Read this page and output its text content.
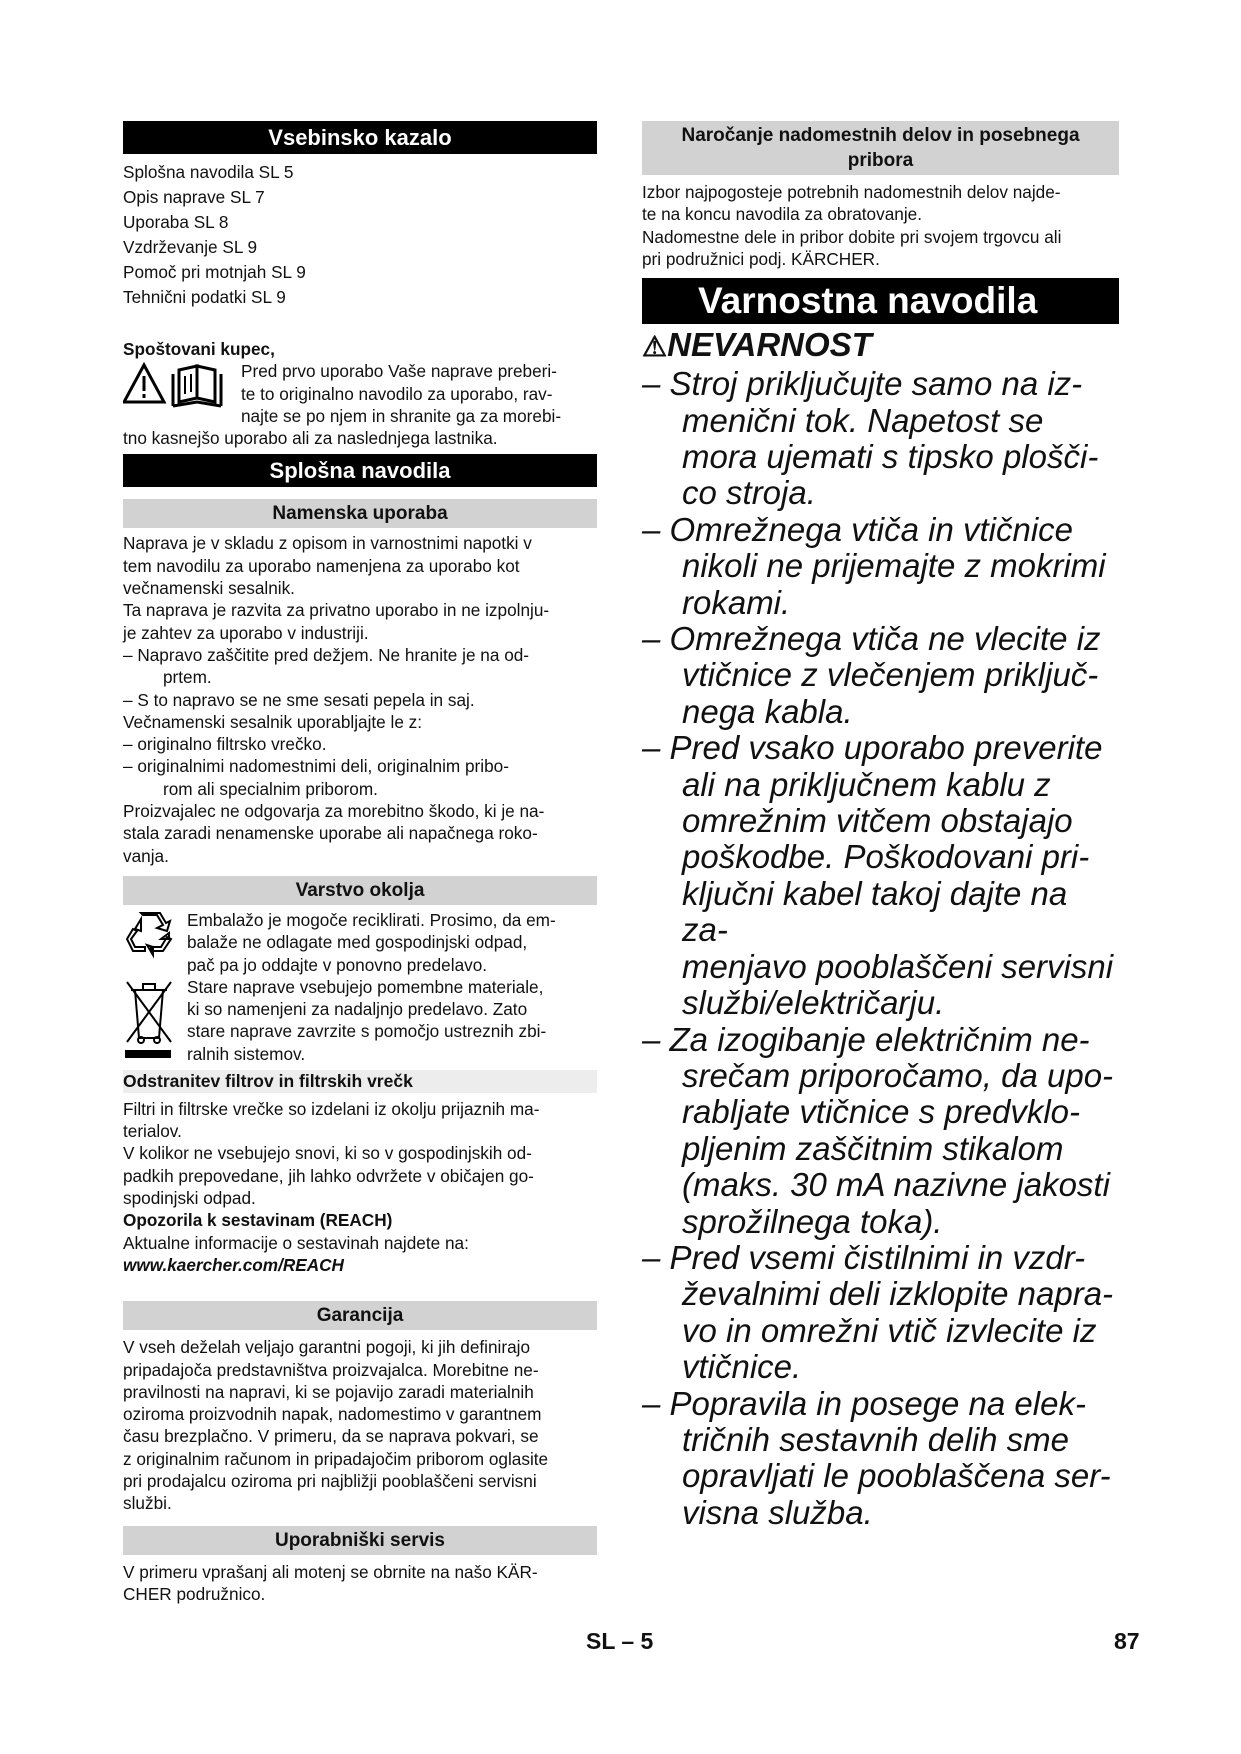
Vsebinsko kazalo

Splošna navodila SL 5

Opis naprave SL 7

Uporaba SL 8

Vzdrževanje SL 9

Pomoč pri motnjah SL 9

Tehnični podatki SL 9

Spoštovani kupec,

Pred prvo uporabo Vaše naprave preberi-

te to originalno navodilo za uporabo, rav-

najte se po njem in shranite ga za morebi-

tno kasnejšo uporabo ali za naslednjega lastnika.

Splošna navodila
Namenska uporaba

Naprava je v skladu z opisom in varnostnimi napotki v

tem navodilu za uporabo namenjena za uporabo kot

večnamenski sesalnik.

Ta naprava je razvita za privatno uporabo in ne izpolnju-

je zahtev za uporabo v industriji.

– Napravo zaščitite pred dežjem. Ne hranite je na od-

prtem.

– S to napravo se ne sme sesati pepela in saj.

Večnamenski sesalnik uporabljajte le z:

– originalno filtrsko vrečko.

– originalnimi nadomestnimi deli, originalnim pribo-

rom ali specialnim priborom.

Proizvajalec ne odgovarja za morebitno škodo, ki je na-

stala zaradi nenamenske uporabe ali napačnega roko-

vanja.

Varstvo okolja

Embalažo je mogoče reciklirati. Prosimo, da em-

balaže ne odlagate med gospodinjski odpad,

pač pa jo oddajte v ponovno predelavo.

Stare naprave vsebujejo pomembne materiale,

ki so namenjeni za nadaljnjo predelavo. Zato

stare naprave zavrzite s pomočjo ustreznih zbi-

ralnih sistemov.

Odstranitev filtrov in filtrskih vrečk

Filtri in filtrske vrečke so izdelani iz okolju prijaznih ma-

terialov.

V kolikor ne vsebujejo snovi, ki so v gospodinjskih od-

padkih prepovedane, jih lahko odvržete v običajen go-

spodinjski odpad.

Opozorila k sestavinam (REACH)

Aktualne informacije o sestavinah najdete na:

www.kaercher.com/REACH

Garancija

V vseh deželah veljajo garantni pogoji, ki jih definirajo

pripadajoča predstavništva proizvajalca. Morebitne ne-

pravilnosti na napravi, ki se pojavijo zaradi materialnih

oziroma proizvodnih napak, nadomestimo v garantnem

času brezplačno. V primeru, da se naprava pokvari, se

z originalnim računom in pripadajočim priborom oglasite

pri prodajalcu oziroma pri najbližji pooblaščeni servisni

službi.

Uporabniški servis

V primeru vprašanj ali motenj se obrnite na našo KÄR-

CHER podružnico.

Naročanje nadomestnih delov in posebnega
pribora

Izbor najpogosteje potrebnih nadomestnih delov najde-

te na koncu navodila za obratovanje.

Nadomestne dele in pribor dobite pri svojem trgovcu ali

pri podružnici podj. KÄRCHER.

Varnostna navodila
⚠NEVARNOST
– Stroj priključujte samo na iz-
menični tok. Napetost se
mora ujemati s tipsko plošči-
co stroja.
– Omrežnega vtiča in vtičnice
nikoli ne prijemajte z mokrimi
rokami.
– Omrežnega vtiča ne vlecite iz
vtičnice z vlečenjem priključ-
nega kabla.
– Pred vsako uporabo preverite
ali na priključnem kablu z
omrežnim vitčem obstajajo
poškodbe. Poškodovani pri-
ključni kabel takoj dajte na za-
menjavo pooblaščeni servisni
službi/električarju.
– Za izogibanje električnim ne-
srečam priporočamo, da upo-
rabljate vtičnice s predvklo-
pljenim zaščitnim stikalom
(maks. 30 mA nazivne jakosti
sprožilnega toka).
– Pred vsemi čistilnimi in vzdr-
ževalnimi deli izklopite napra-
vo in omrežni vtič izvlecite iz
vtičnice.
– Popravila in posege na elek-
tričnih sestavnih delih sme
opravljati le pooblaščena ser-
visna služba.
SL – 5	87
